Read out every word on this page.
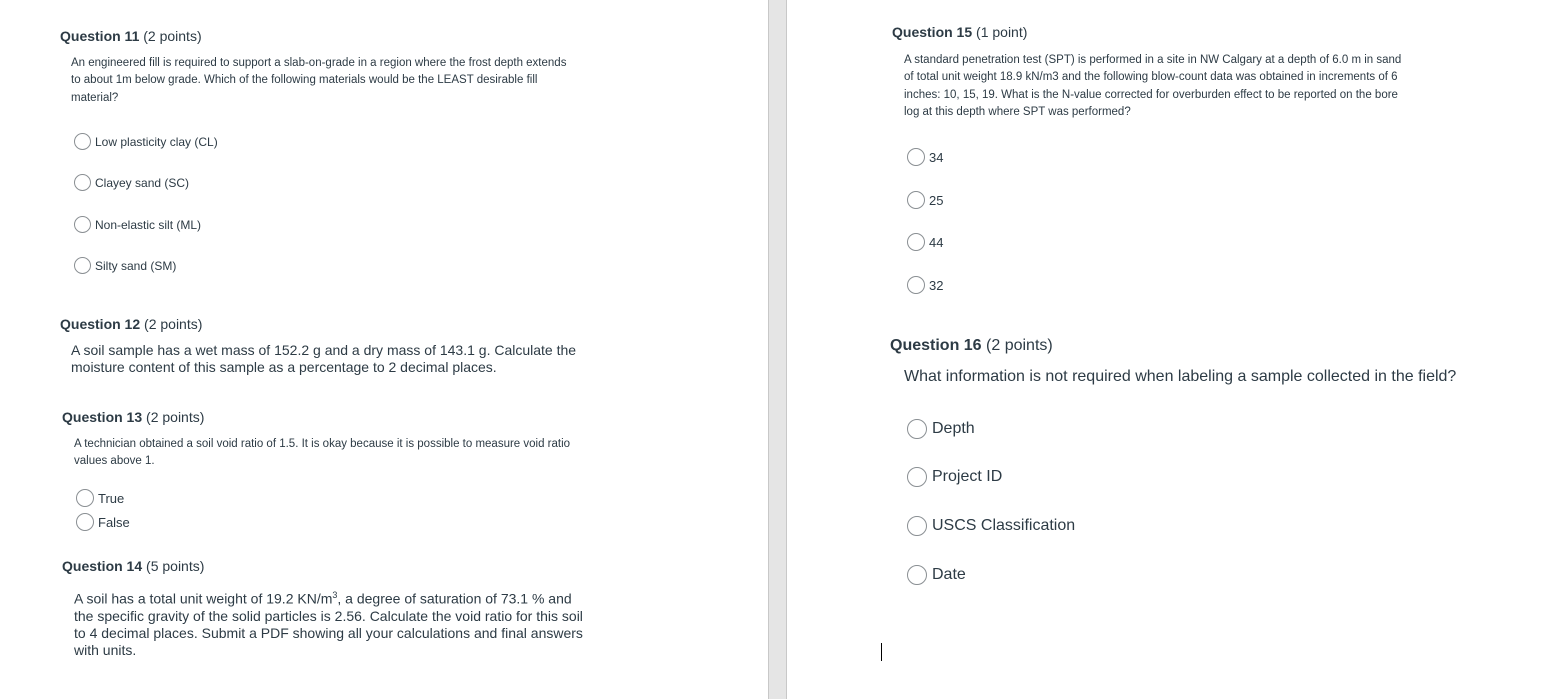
Question 11 (2 points)
An engineered fill is required to support a slab-on-grade in a region where the frost depth extends
to about 1m below grade. Which of the following materials would be the LEAST desirable fill
material?
Low plasticity clay (CL)
Clayey sand (SC)
Non-elastic silt (ML)
Silty sand (SM)
Question 12 (2 points)
A soil sample has a wet mass of 152.2 g and a dry mass of 143.1 g. Calculate the
moisture content of this sample as a percentage to 2 decimal places.
Question 13 (2 points)
A technician obtained a soil void ratio of 1.5. It is okay because it is possible to measure void ratio
values above 1.
True
False
Question 14 (5 points)
A soil has a total unit weight of 19.2 $KN/m^3$, a degree of saturation of 73.1 % and
the specific gravity of the solid particles is 2.56. Calculate the void ratio for this soil
to 4 decimal places. Submit a PDF showing all your calculations and final answers
with units.
Question 15 (1 point)
A standard penetration test (SPT) is performed in a site in NW Calgary at a depth of 6.0 m in sand
of total unit weight 18.9 kN/m3 and the following blow-count data was obtained in increments of 6
inches: 10, 15, 19. What is the N-value corrected for overburden effect to be reported on the bore
log at this depth where SPT was performed?
34
25
44
32
Question 16 (2 points)
What information is not required when labeling a sample collected in the field?
Depth
Project ID
USCS Classification
Date
